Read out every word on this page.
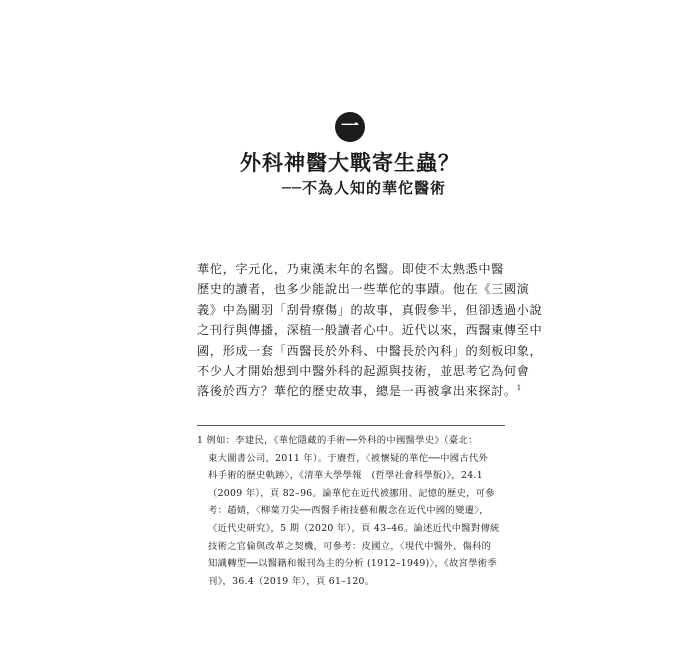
一
外科神醫大戰寄生蟲？
──不為人知的華佗醫術
華佗，字元化，乃東漢末年的名醫。即使不太熟悉中醫
歷史的讀者，也多少能說出一些華佗的事蹟。他在《三國演
義》中為關羽「刮骨療傷」的故事，真假參半，但卻透過小說
之刊行與傳播，深植一般讀者心中。近代以來，西醫東傳至中
國，形成一套「西醫長於外科、中醫長於內科」的刻板印象，
不少人才開始想到中醫外科的起源與技術，並思考它為何會
落後於西方？華佗的歷史故事，總是一再被拿出來探討。$^1$
1 例如：李建民，《華佗隱藏的手術──外科的中國醫學史》（臺北：
東大圖書公司，2011 年）。于賡哲，〈被懷疑的華佗──中國古代外
科手術的歷史軌跡〉，《清華大學學報　(哲學社會科學版)》，24.1
（2009 年），頁 82–96。論華佗在近代被挪用、記憶的歷史，可參
考：趙婧，〈柳葉刀尖──西醫手術技藝和觀念在近代中國的變遷〉，
《近代史研究》，5 期（2020 年），頁 43–46。論述近代中醫對傳統
技術之官倫與改革之契機，可參考：皮國立，〈現代中醫外、傷科的
知識轉型──以醫籍和報刊為主的分析 (1912–1949)〉，《故宮學術季
刊》，36.4（2019 年），頁 61–120。
